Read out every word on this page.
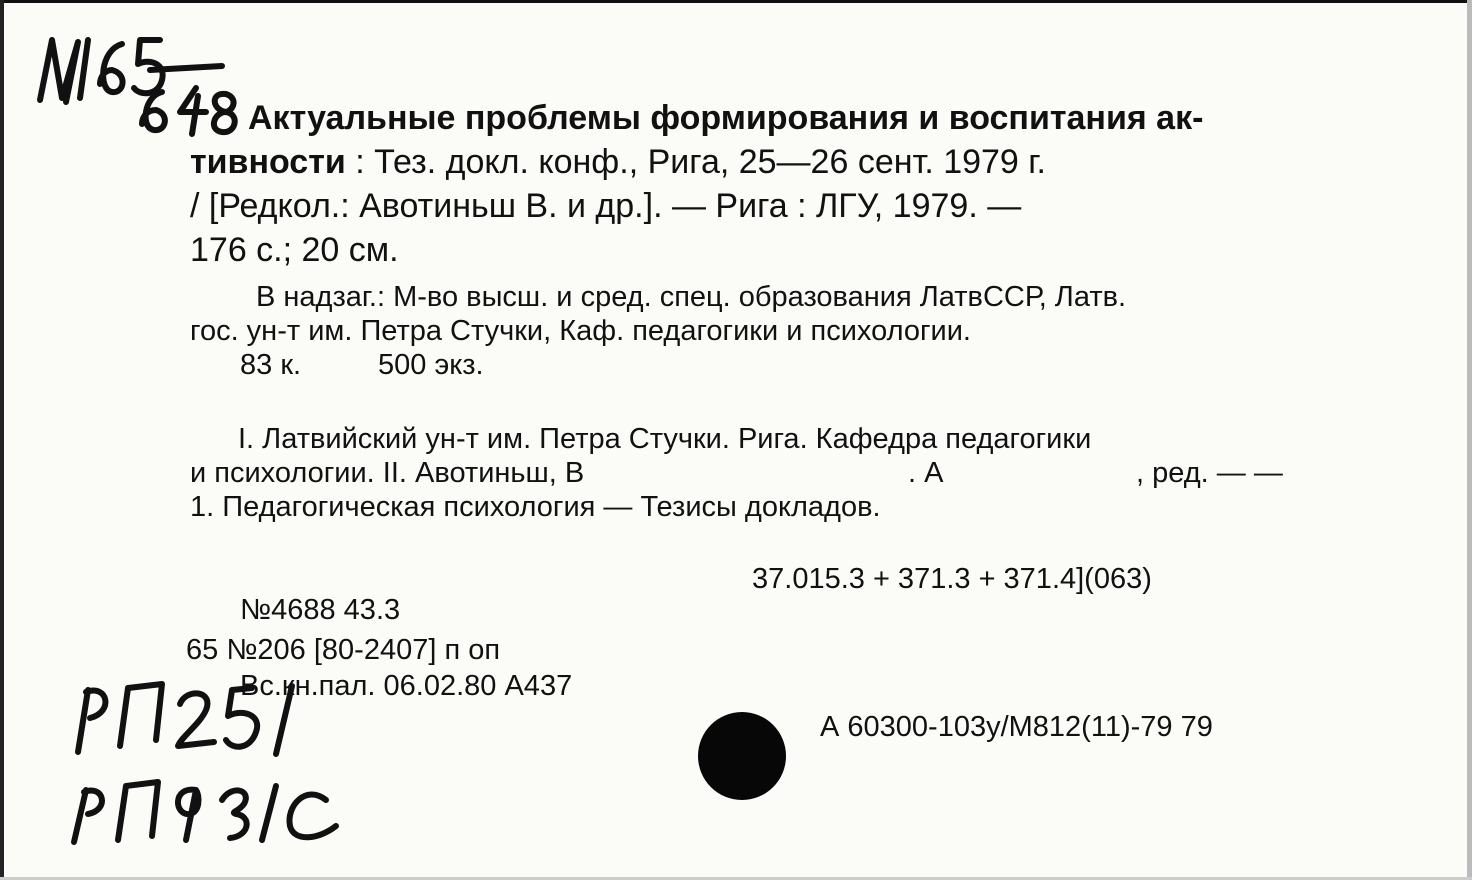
Актуальные проблемы формирования и воспитания ак-
тивности : Тез. докл. конф., Рига, 25—26 сент. 1979 г.
/ [Редкол.: Авотиньш В. и др.]. — Рига : ЛГУ, 1979. —
176 с.; 20 см.
В надзаг.: М-во высш. и сред. спец. образования ЛатвССР, Латв.
гос. ун-т им. Петра Стучки, Каф. педагогики и психологии.
83 к.	500 экз.
I. Латвийский ун-т им. Петра Стучки. Рига. Кафедра педагогики
и психологии. II. Авотиньш, В	. А	, ред. — —
1. Педагогическая психология — Тезисы докладов.
37.015.3 + 371.3 + 371.4](063)
№4688 43.3
65 №206 [80-2407] п оп
Вс.кн.пал. 06.02.80 А437
А 60300-103у/М812(11)-79 79
